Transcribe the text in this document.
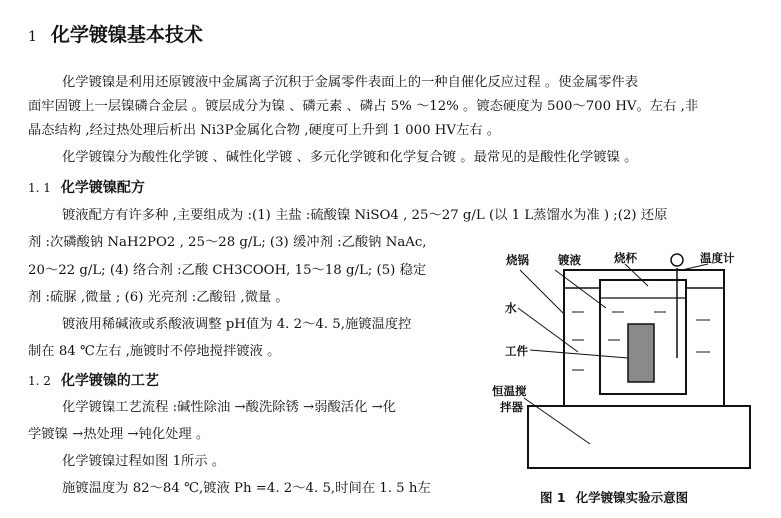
1 化学镀镍基本技术
化学镀镍是利用还原镀液中金属离子沉积于金属零件表面上的一种自催化反应过程 。使金属零件表
面牢固镀上一层镍磷合金层 。镀层成分为镍 、磷元素 、磷占 5% ～12% 。镀态硬度为 500～700 HV。左右 ,非
晶态结构 ,经过热处理后析出 Ni3P金属化合物 ,硬度可上升到 1 000 HV左右 。
化学镀镍分为酸性化学镀 、碱性化学镀 、多元化学镀和化学复合镀 。最常见的是酸性化学镀镍 。
1. 1 化学镀镍配方
镀液配方有许多种 ,主要组成为 :(1) 主盐 :硫酸镍 NiSO4 , 25～27 g/L (以 1 L蒸馏水为准 ) ;(2) 还原
剂 :次磷酸钠 NaH2PO2 , 25～28 g/L; (3) 缓冲剂 :乙酸钠 NaAc,
20～22 g/L; (4) 络合剂 :乙酸 CH3COOH, 15～18 g/L; (5) 稳定
剂 :硫脲 ,微量 ; (6) 光亮剂 :乙酸铅 ,微量 。
镀液用稀碱液或系酸液调整 pH值为 4. 2～4. 5,施镀温度控
制在 84 ℃左右 ,施镀时不停地搅拌镀液 。
1. 2 化学镀镍的工艺
化学镀镍工艺流程 :碱性除油 →酸洗除锈 →弱酸活化 →化
学镀镍 →热处理 →钝化处理 。
化学镀镍过程如图 1所示 。
施镀温度为 82～84 ℃,镀液 Ph =4. 2～4. 5,时间在 1. 5 h左
烧锅	镀液	烧杯	温度计
水
工件
恒温搅
拌器
图 1 化学镀镍实验示意图
